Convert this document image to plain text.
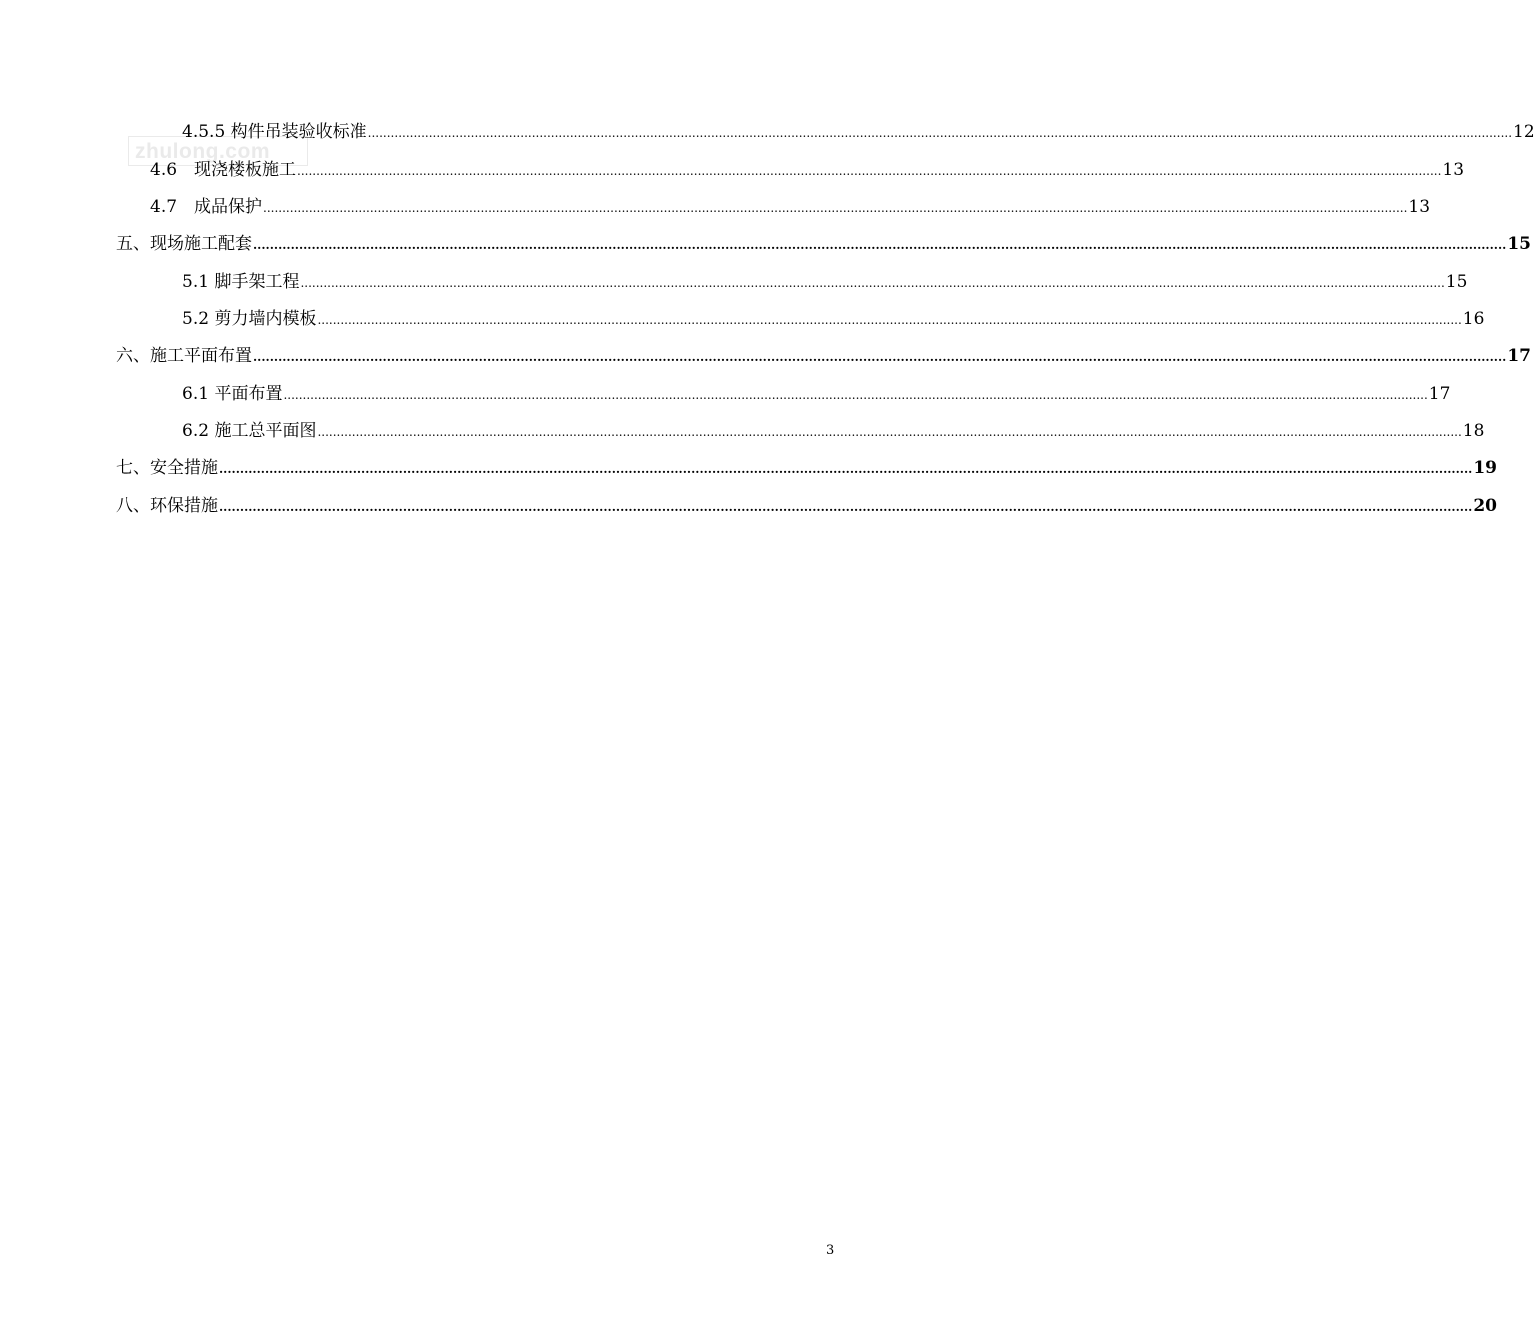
zhulong.com
4.5.5 构件吊装验收标准 ............................................................................................................................................................................................................................................................................................................ 12
4.6　现浇楼板施工 ............................................................................................................................................................................................................................................................................................................ 13
4.7　成品保护 ............................................................................................................................................................................................................................................................................................................ 13
五、现场施工配套 ............................................................................................................................................................................................................................................................................................................ 15
5.1 脚手架工程 ............................................................................................................................................................................................................................................................................................................ 15
5.2 剪力墙内模板 ............................................................................................................................................................................................................................................................................................................ 16
六、施工平面布置 ............................................................................................................................................................................................................................................................................................................ 17
6.1 平面布置 ............................................................................................................................................................................................................................................................................................................ 17
6.2 施工总平面图 ............................................................................................................................................................................................................................................................................................................ 18
七、安全措施 ............................................................................................................................................................................................................................................................................................................ 19
八、环保措施 ............................................................................................................................................................................................................................................................................................................ 20
3
